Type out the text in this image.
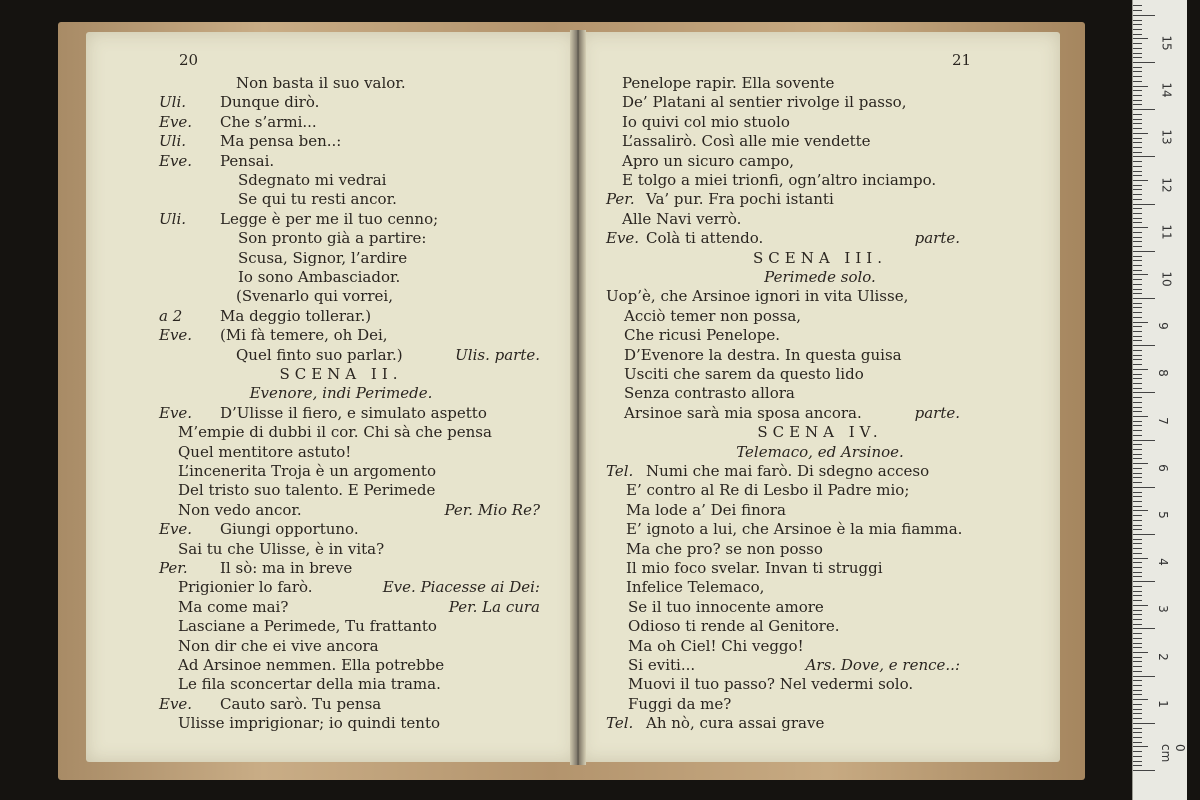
20
Non basta il suo valor.
Uli. Dunque dirò.
Eve. Che s’armi...
Uli. Ma pensa ben..:
Eve. Pensai.
Sdegnato mi vedrai
Se qui tu resti ancor.
Uli. Legge è per me il tuo cenno;
Son pronto già a partire:
Scusa, Signor, l’ardire
Io sono Ambasciador.
(Svenarlo qui vorrei,
a 2	Ma deggio tollerar.)
Eve. (Mi fà temere, oh Dei,
Quel finto suo parlar.)	Ulis. parte.
SCENA II.
Evenore, indi Perimede.
Eve. D’Ulisse il fiero, e simulato aspetto
M’empie di dubbi il cor. Chi sà che pensa
Quel mentitore astuto!
L’incenerita Troja è un argomento
Del tristo suo talento. E Perimede
Non vedo ancor.	Per. Mio Re?
Eve. Giungi opportuno.
Sai tu che Ulisse, è in vita?
Per. Il sò: ma in breve
Prigionier lo farò.	Eve. Piacesse ai Dei:
Ma come mai?	Per. La cura
Lasciane a Perimede, Tu frattanto
Non dir che ei vive ancora
Ad Arsinoe nemmen. Ella potrebbe
Le fila sconcertar della mia trama.
Eve. Cauto sarò. Tu pensa
Ulisse imprigionar; io quindi tento
21
Penelope rapir. Ella sovente
De’ Platani al sentier rivolge il passo,
Io quivi col mio stuolo
L’assalirò. Così alle mie vendette
Apro un sicuro campo,
E tolgo a miei trionfi, ogn’altro inciampo.
Per. Va’ pur. Fra pochi istanti
Alle Navi verrò.
Eve. Colà ti attendo.	parte.
SCENA III.
Perimede solo.
Uop’è, che Arsinoe ignori in vita Ulisse,
Acciò temer non possa,
Che ricusi Penelope.
D’Evenore la destra. In questa guisa
Usciti che sarem da questo lido
Senza contrasto allora
Arsinoe sarà mia sposa ancora.	parte.
SCENA IV.
Telemaco, ed Arsinoe.
Tel. Numi che mai farò. Di sdegno acceso
E’ contro al Re di Lesbo il Padre mio;
Ma lode a’ Dei finora
E’ ignoto a lui, che Arsinoe è la mia fiamma.
Ma che pro? se non posso
Il mio foco svelar. Invan ti struggi
Infelice Telemaco,
Se il tuo innocente amore
Odioso ti rende al Genitore.
Ma oh Ciel! Chi veggo!
Si eviti...	Ars. Dove, e rence..:
Muovi il tuo passo? Nel vedermi solo.
Fuggi da me?
Tel. Ah nò, cura assai grave
0 cm
1
2
3
4
5
6
7
8
9
10
11
12
13
14
15
